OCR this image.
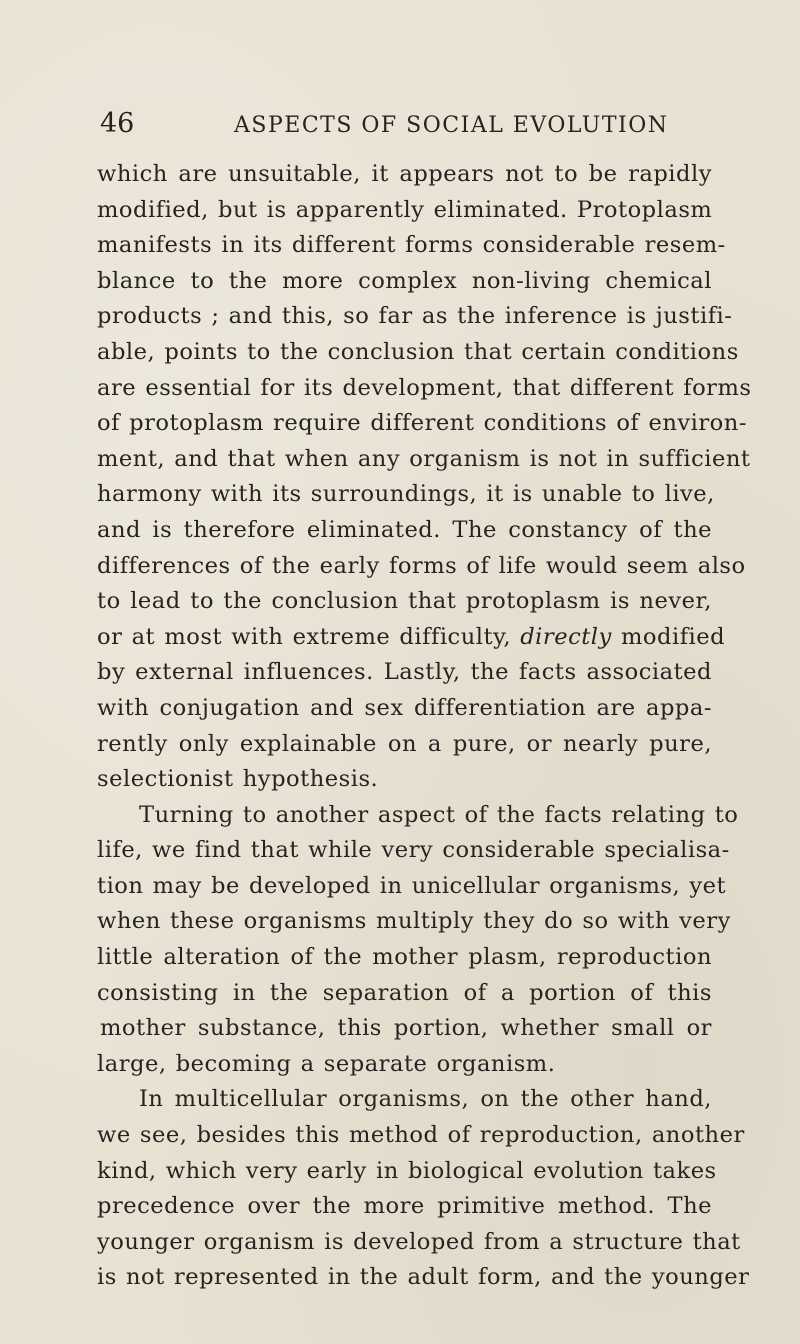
46	ASPECTS OF SOCIAL EVOLUTION
which are unsuitable, it appears not to be rapidly
modified, but is apparently eliminated. Protoplasm
manifests in its different forms considerable resem-
blance to the more complex non-living chemical
products ; and this, so far as the inference is justifi-
able, points to the conclusion that certain conditions
are essential for its development, that different forms
of protoplasm require different conditions of environ-
ment, and that when any organism is not in sufficient
harmony with its surroundings, it is unable to live,
and is therefore eliminated. The constancy of the
differences of the early forms of life would seem also
to lead to the conclusion that protoplasm is never,
or at most with extreme difficulty, directly modified
by external influences. Lastly, the facts associated
with conjugation and sex differentiation are appa-
rently only explainable on a pure, or nearly pure,
selectionist hypothesis.
Turning to another aspect of the facts relating to
life, we find that while very considerable specialisa-
tion may be developed in unicellular organisms, yet
when these organisms multiply they do so with very
little alteration of the mother plasm, reproduction
consisting in the separation of a portion of this
mother substance, this portion, whether small or
large, becoming a separate organism.
In multicellular organisms, on the other hand,
we see, besides this method of reproduction, another
kind, which very early in biological evolution takes
precedence over the more primitive method. The
younger organism is developed from a structure that
is not represented in the adult form, and the younger
